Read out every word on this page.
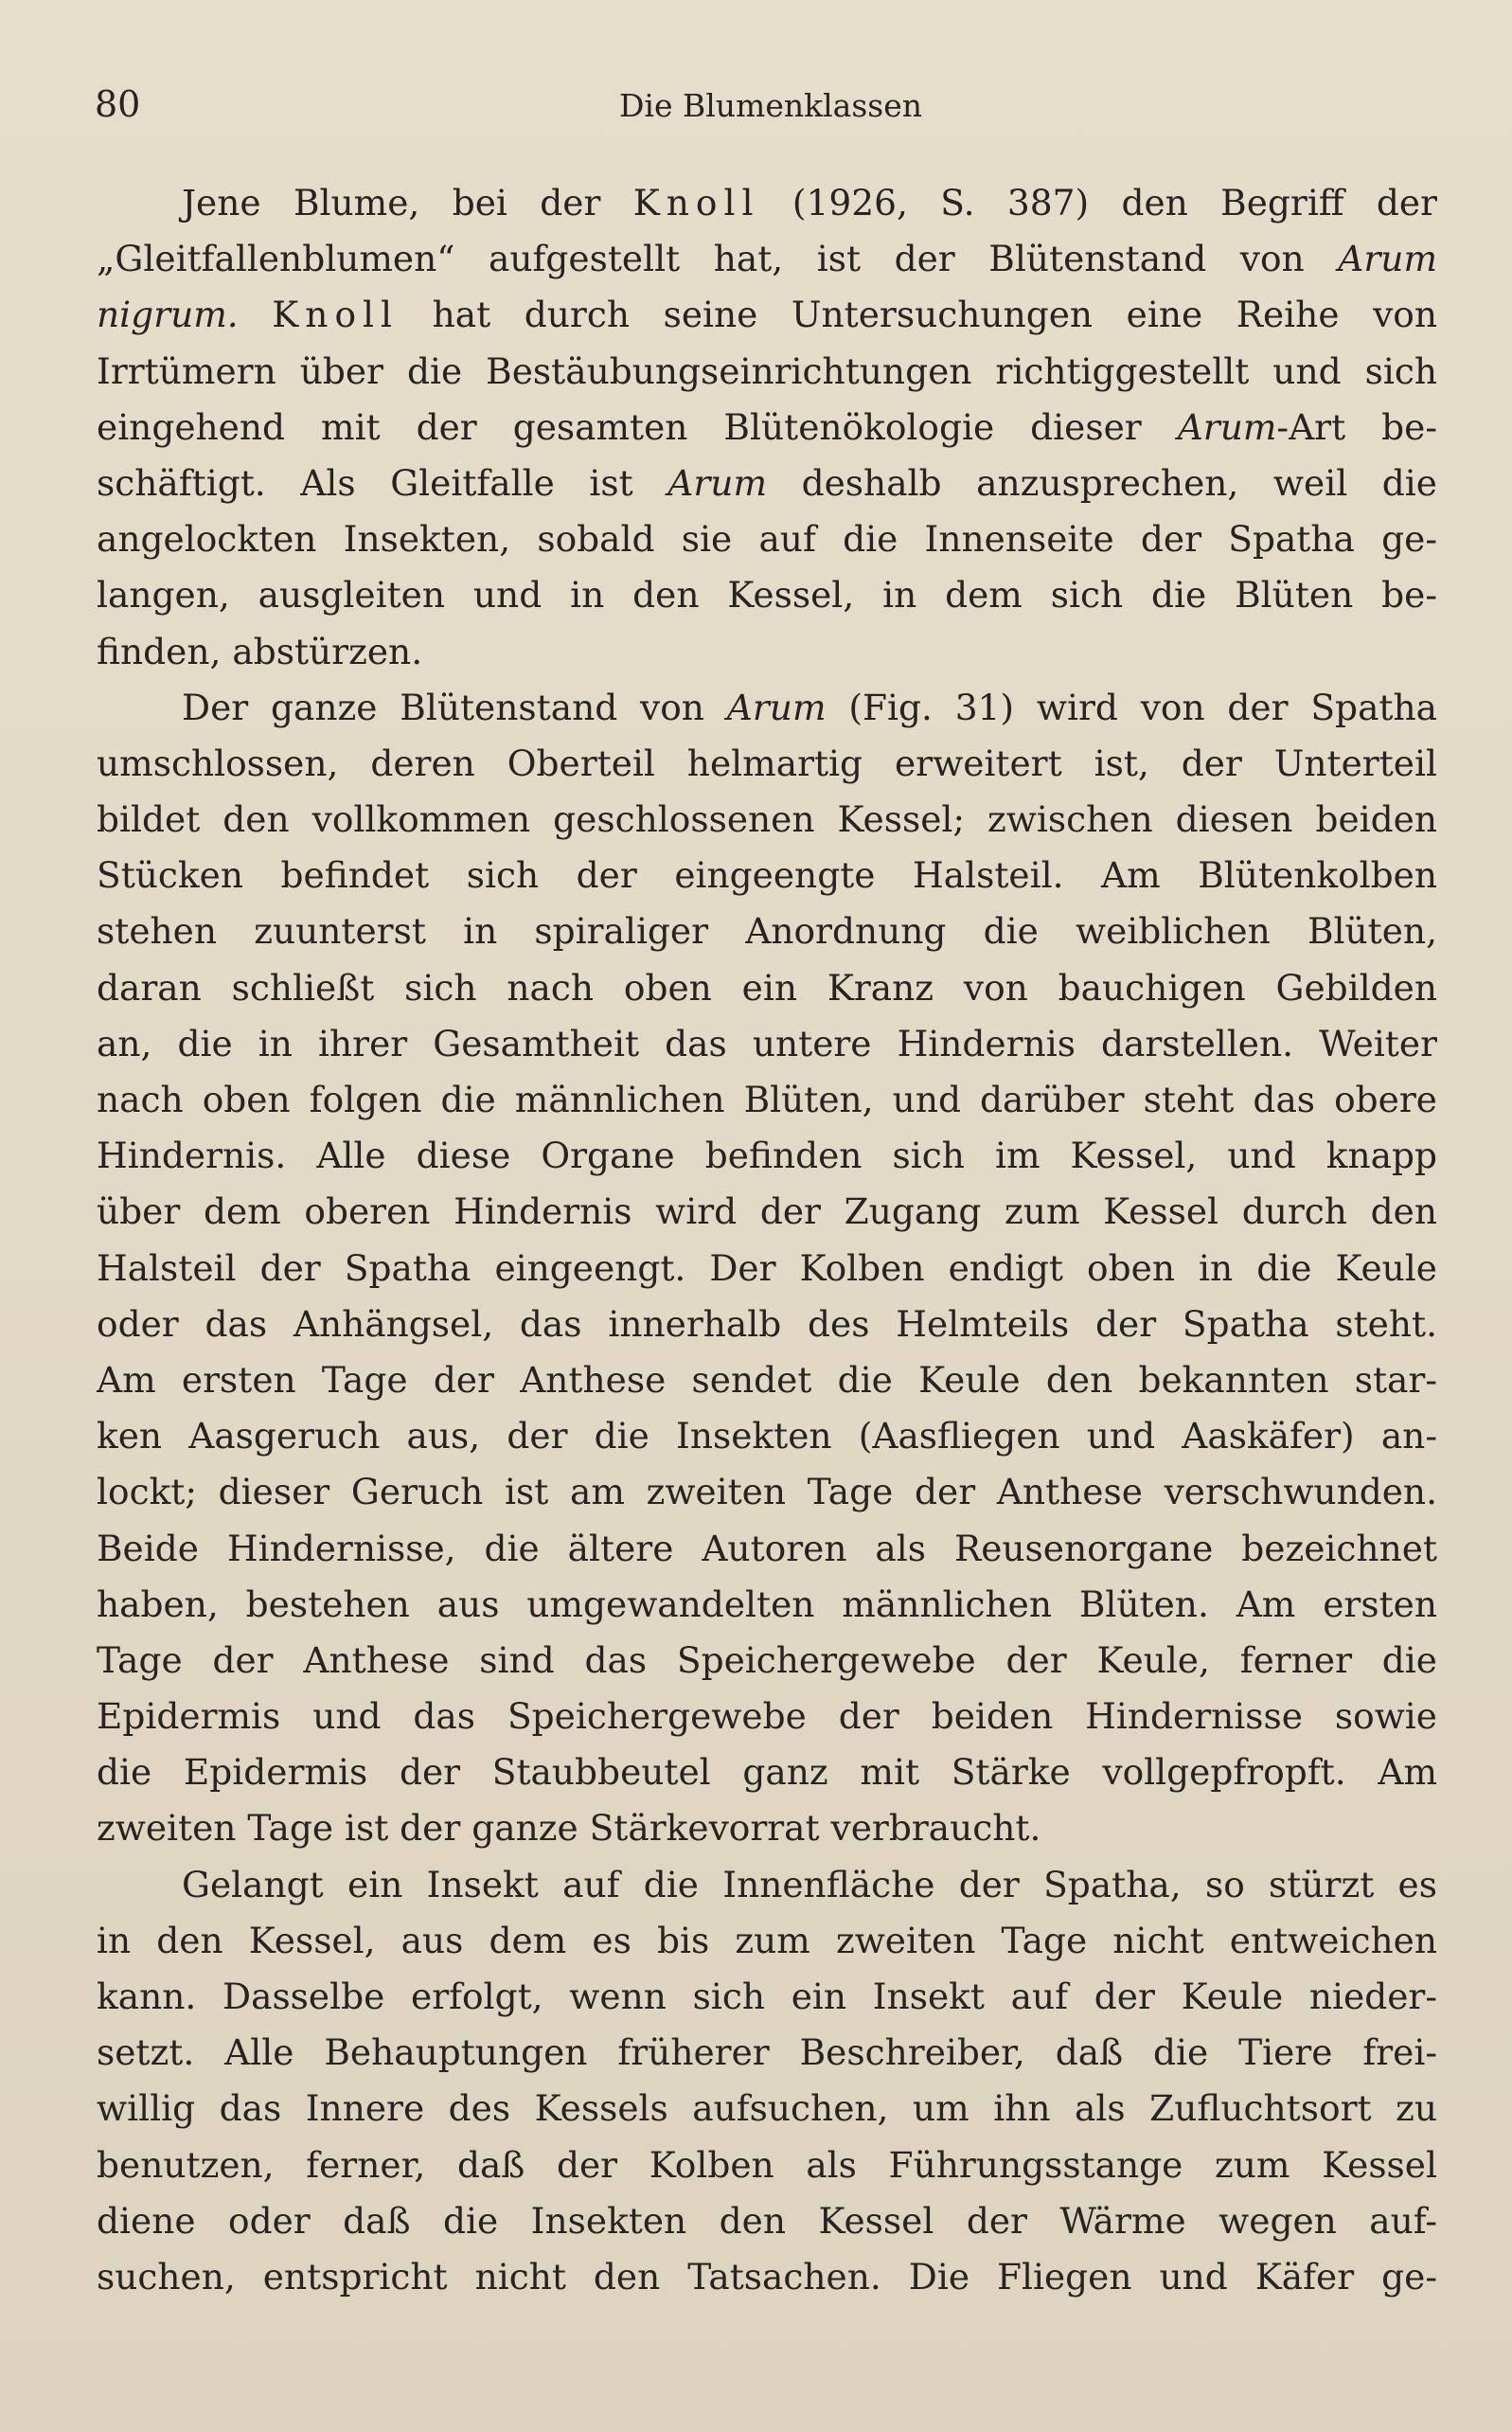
80	Die Blumenklassen
Jene Blume, bei der Knoll (1926, S. 387) den Begriff der
„Gleitfallenblumen“ aufgestellt hat, ist der Blütenstand von Arum
nigrum. Knoll hat durch seine Untersuchungen eine Reihe von
Irrtümern über die Bestäubungseinrichtungen richtiggestellt und sich
eingehend mit der gesamten Blütenökologie dieser Arum-Art be-
schäftigt. Als Gleitfalle ist Arum deshalb anzusprechen, weil die
angelockten Insekten, sobald sie auf die Innenseite der Spatha ge-
langen, ausgleiten und in den Kessel, in dem sich die Blüten be-
finden, abstürzen.
Der ganze Blütenstand von Arum (Fig. 31) wird von der Spatha
umschlossen, deren Oberteil helmartig erweitert ist, der Unterteil
bildet den vollkommen geschlossenen Kessel; zwischen diesen beiden
Stücken befindet sich der eingeengte Halsteil. Am Blütenkolben
stehen zuunterst in spiraliger Anordnung die weiblichen Blüten,
daran schließt sich nach oben ein Kranz von bauchigen Gebilden
an, die in ihrer Gesamtheit das untere Hindernis darstellen. Weiter
nach oben folgen die männlichen Blüten, und darüber steht das obere
Hindernis. Alle diese Organe befinden sich im Kessel, und knapp
über dem oberen Hindernis wird der Zugang zum Kessel durch den
Halsteil der Spatha eingeengt. Der Kolben endigt oben in die Keule
oder das Anhängsel, das innerhalb des Helmteils der Spatha steht.
Am ersten Tage der Anthese sendet die Keule den bekannten star-
ken Aasgeruch aus, der die Insekten (Aasfliegen und Aaskäfer) an-
lockt; dieser Geruch ist am zweiten Tage der Anthese verschwunden.
Beide Hindernisse, die ältere Autoren als Reusenorgane bezeichnet
haben, bestehen aus umgewandelten männlichen Blüten. Am ersten
Tage der Anthese sind das Speichergewebe der Keule, ferner die
Epidermis und das Speichergewebe der beiden Hindernisse sowie
die Epidermis der Staubbeutel ganz mit Stärke vollgepfropft. Am
zweiten Tage ist der ganze Stärkevorrat verbraucht.
Gelangt ein Insekt auf die Innenfläche der Spatha, so stürzt es
in den Kessel, aus dem es bis zum zweiten Tage nicht entweichen
kann. Dasselbe erfolgt, wenn sich ein Insekt auf der Keule nieder-
setzt. Alle Behauptungen früherer Beschreiber, daß die Tiere frei-
willig das Innere des Kessels aufsuchen, um ihn als Zufluchtsort zu
benutzen, ferner, daß der Kolben als Führungsstange zum Kessel
diene oder daß die Insekten den Kessel der Wärme wegen auf-
suchen, entspricht nicht den Tatsachen. Die Fliegen und Käfer ge-
